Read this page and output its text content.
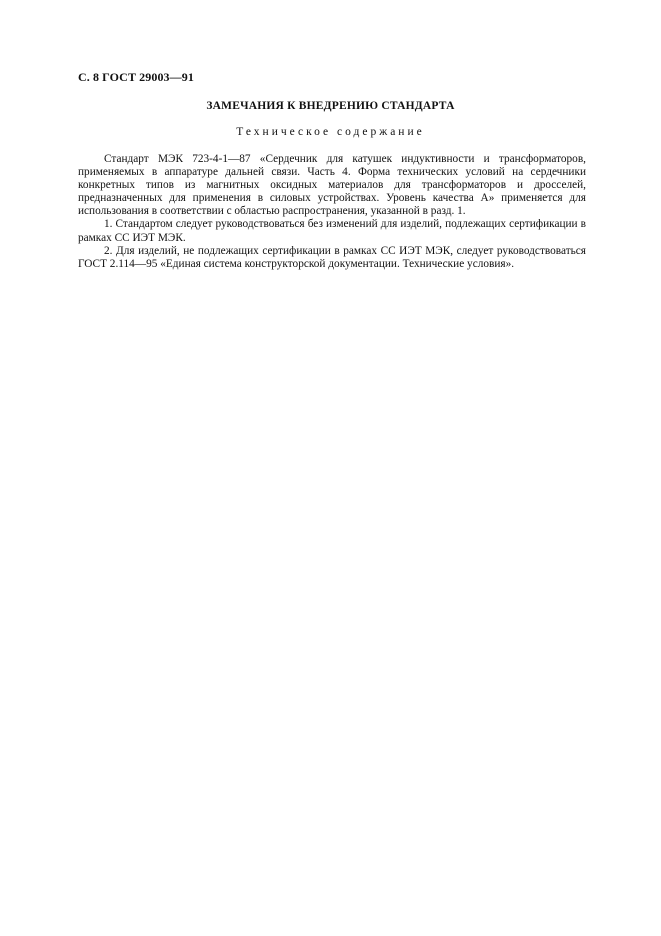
С. 8 ГОСТ 29003—91
ЗАМЕЧАНИЯ К ВНЕДРЕНИЮ СТАНДАРТА
Техническое содержание

Стандарт МЭК 723-4-1—87 «Сердечник для катушек индуктивности и трансформаторов, применяемых в аппаратуре дальней связи. Часть 4. Форма технических условий на сердечники конкретных типов из магнитных оксидных материалов для трансформаторов и дросселей, предназначенных для применения в силовых устройствах. Уровень качества А» применяется для использования в соответствии с областью распространения, указанной в разд. 1.

1. Стандартом следует руководствоваться без изменений для изделий, подлежащих сертификации в рамках СС ИЭТ МЭК.

2. Для изделий, не подлежащих сертификации в рамках СС ИЭТ МЭК, следует руководствоваться ГОСТ 2.114—95 «Единая система конструкторской документации. Технические условия».
